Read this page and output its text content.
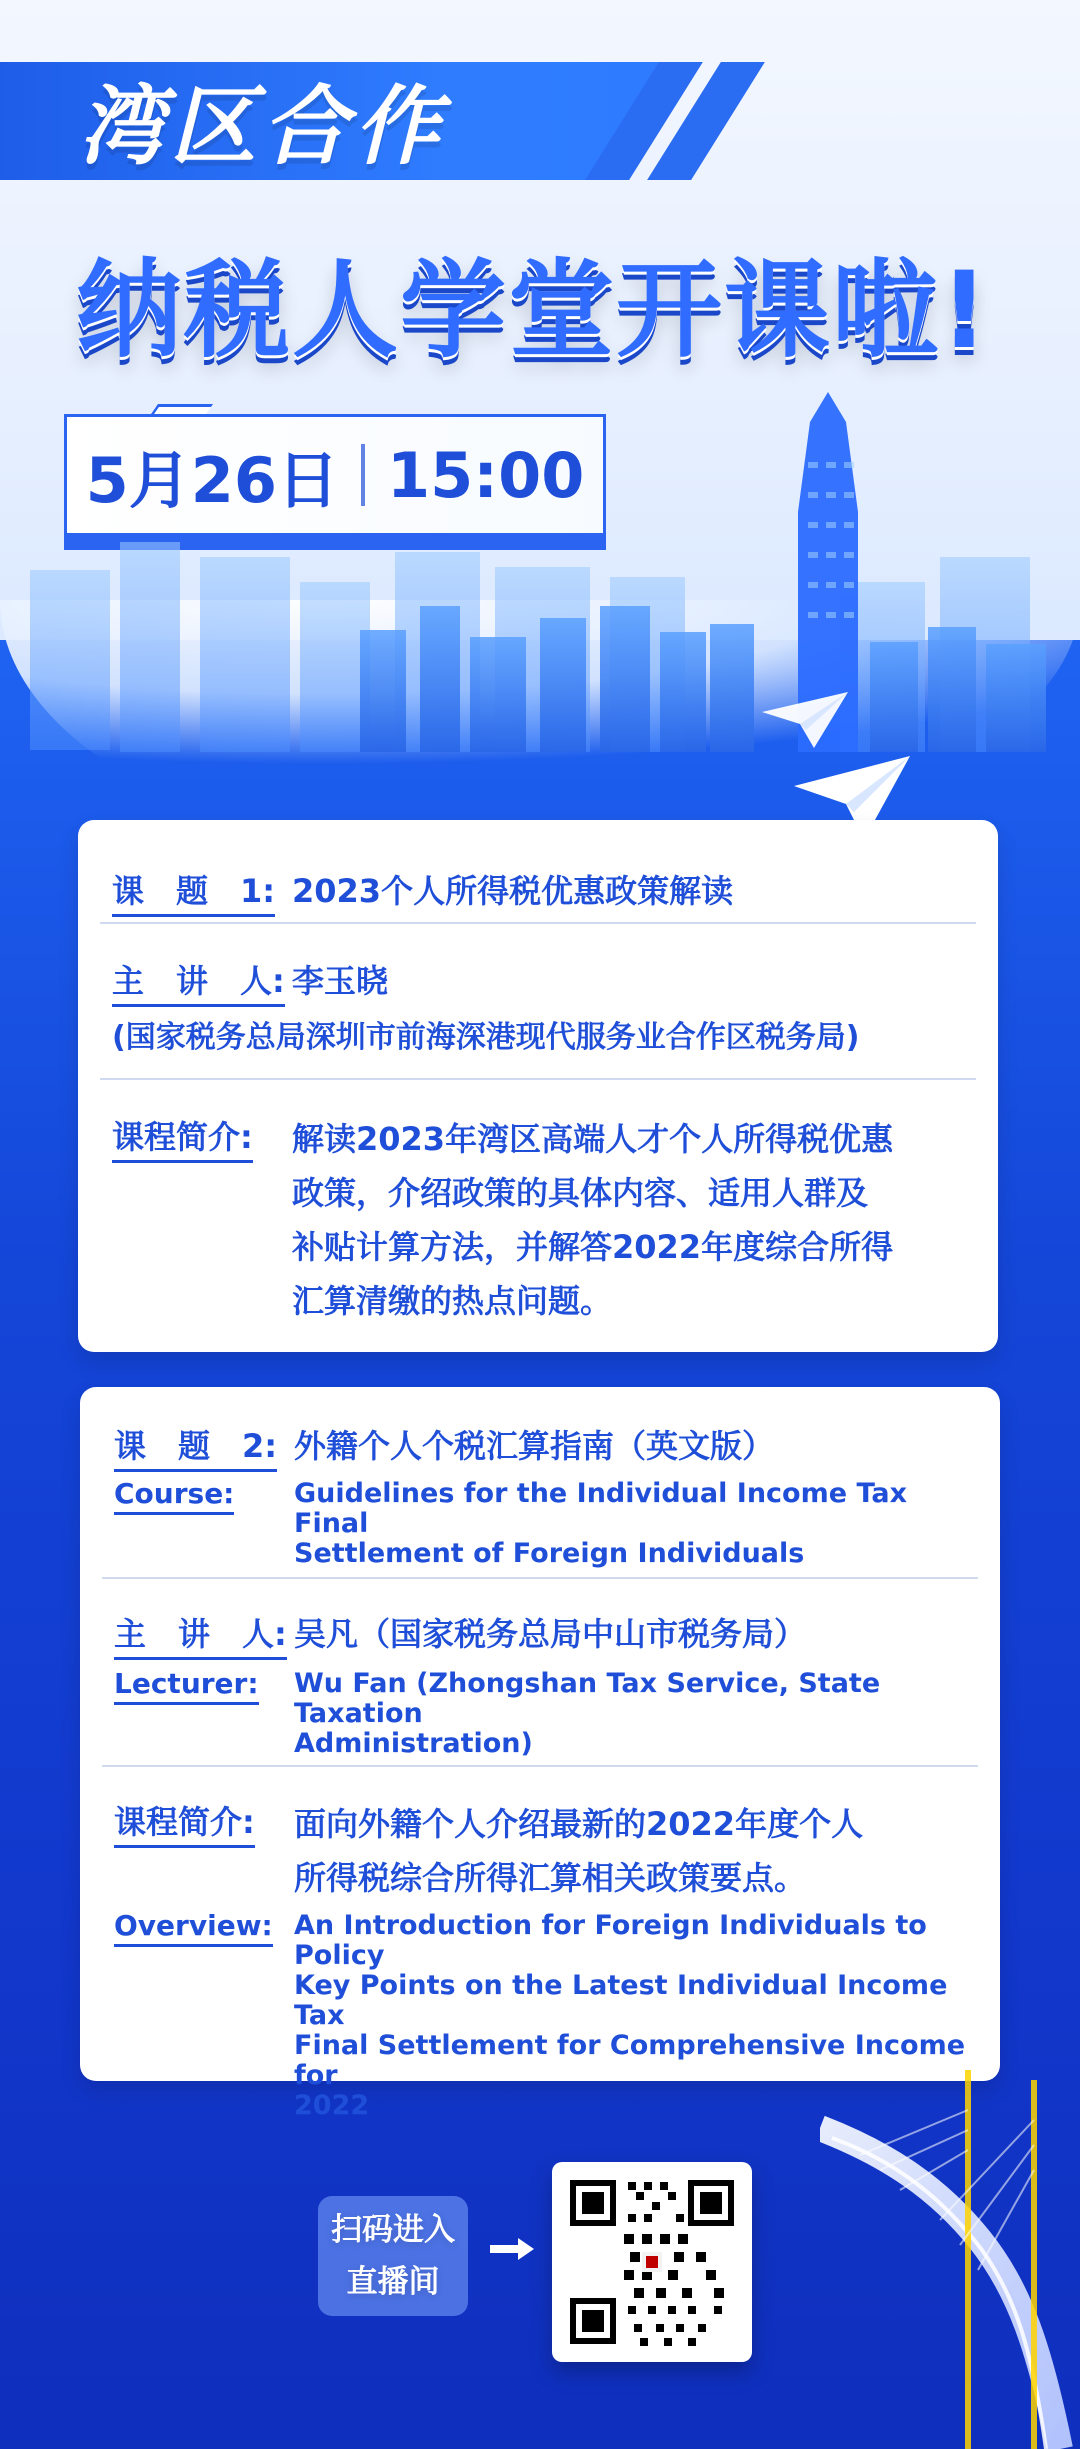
湾区合作
纳税人学堂开课啦!
5月26日 15:00
课　题　1: 2023个人所得税优惠政策解读
主　讲　人: 李玉晓
(国家税务总局深圳市前海深港现代服务业合作区税务局)
课程简介:	解读2023年湾区高端人才个人所得税优惠
政策，介绍政策的具体内容、适用人群及
补贴计算方法，并解答2022年度综合所得
汇算清缴的热点问题。
课　题　2: 外籍个人个税汇算指南（英文版）
Course:	Guidelines for the Individual Income Tax Final
Settlement of Foreign Individuals
主　讲　人: 吴凡（国家税务总局中山市税务局）
Lecturer:	Wu Fan (Zhongshan Tax Service, State Taxation
Administration)
课程简介:	面向外籍个人介绍最新的2022年度个人
所得税综合所得汇算相关政策要点。
Overview: An Introduction for Foreign Individuals to Policy
Key Points on the Latest Individual Income Tax
Final Settlement for Comprehensive Income for
2022
扫码进入
直播间
